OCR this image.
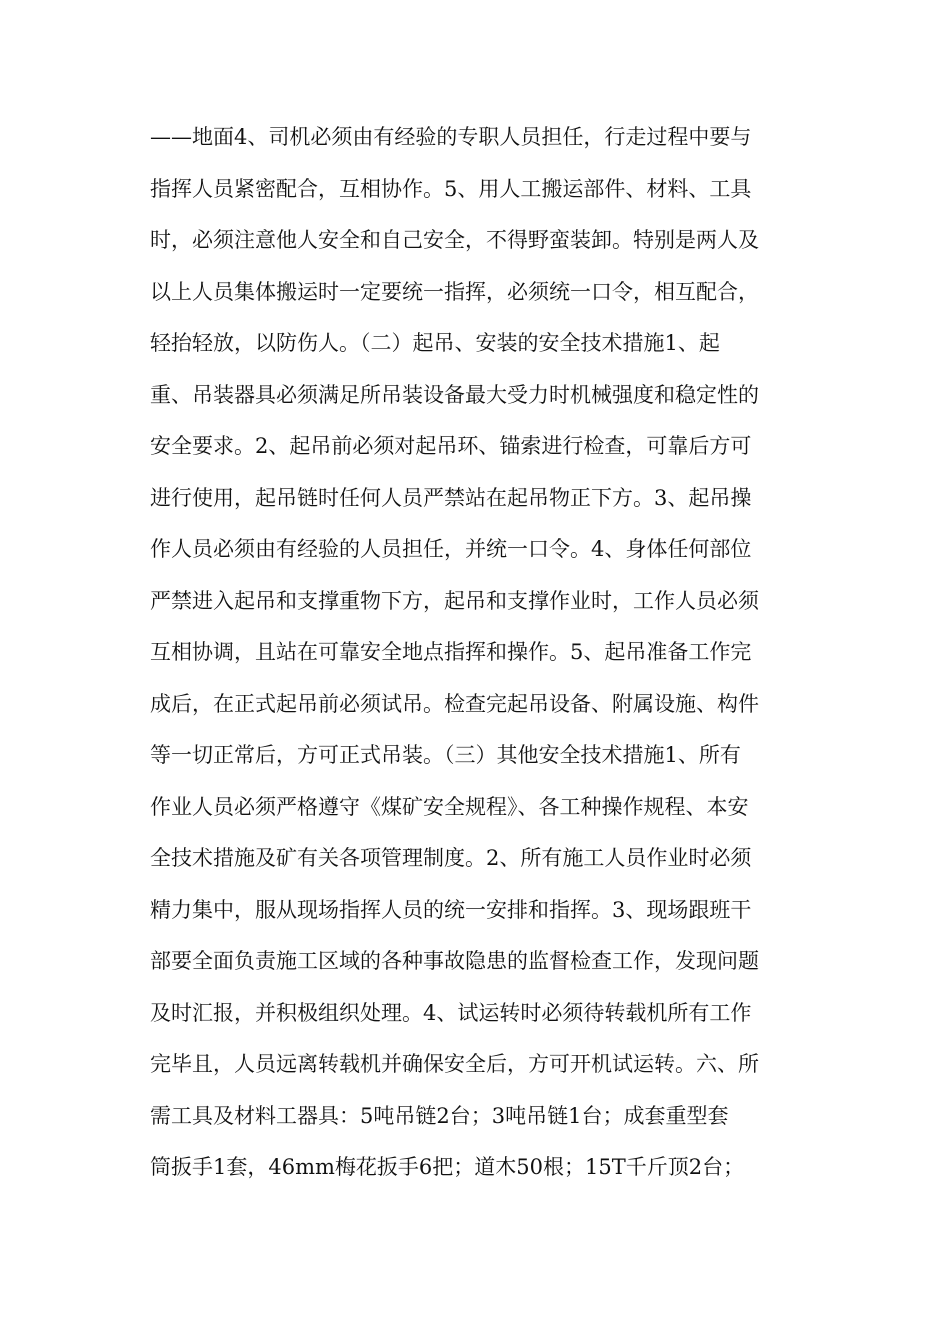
——地面4、司机必须由有经验的专职人员担任，行走过程中要与
指挥人员紧密配合，互相协作。5、用人工搬运部件、材料、工具
时，必须注意他人安全和自己安全，不得野蛮装卸。特别是两人及
以上人员集体搬运时一定要统一指挥，必须统一口令，相互配合，
轻抬轻放，以防伤人。（二）起吊、安装的安全技术措施1、起
重、吊装器具必须满足所吊装设备最大受力时机械强度和稳定性的
安全要求。2、起吊前必须对起吊环、锚索进行检查，可靠后方可
进行使用，起吊链时任何人员严禁站在起吊物正下方。3、起吊操
作人员必须由有经验的人员担任，并统一口令。4、身体任何部位
严禁进入起吊和支撑重物下方，起吊和支撑作业时，工作人员必须
互相协调，且站在可靠安全地点指挥和操作。5、起吊准备工作完
成后，在正式起吊前必须试吊。检查完起吊设备、附属设施、构件
等一切正常后，方可正式吊装。（三）其他安全技术措施1、所有
作业人员必须严格遵守《煤矿安全规程》、各工种操作规程、本安
全技术措施及矿有关各项管理制度。2、所有施工人员作业时必须
精力集中，服从现场指挥人员的统一安排和指挥。3、现场跟班干
部要全面负责施工区域的各种事故隐患的监督检查工作，发现问题
及时汇报，并积极组织处理。4、试运转时必须待转载机所有工作
完毕且，人员远离转载机并确保安全后，方可开机试运转。六、所
需工具及材料工器具：5吨吊链2台；3吨吊链1台；成套重型套
筒扳手1套，46mm梅花扳手6把；道木50根；15T千斤顶2台；
